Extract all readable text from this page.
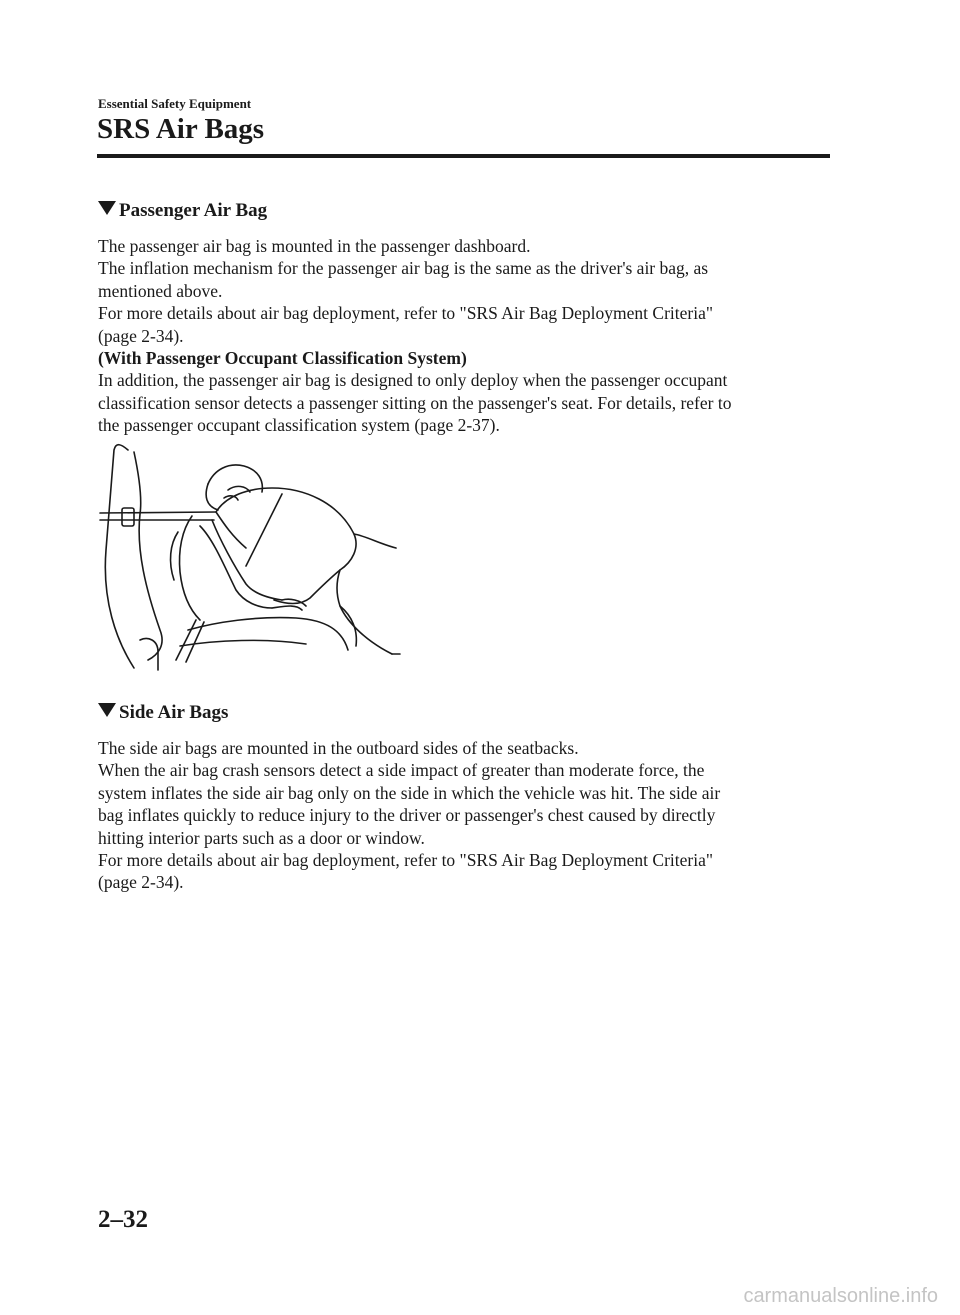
Essential Safety Equipment
SRS Air Bags
Passenger Air Bag
The passenger air bag is mounted in the passenger dashboard.
The inflation mechanism for the passenger air bag is the same as the driver's air bag, as
mentioned above.
For more details about air bag deployment, refer to "SRS Air Bag Deployment Criteria"
(page 2-34).
(With Passenger Occupant Classification System)
In addition, the passenger air bag is designed to only deploy when the passenger occupant
classification sensor detects a passenger sitting on the passenger's seat. For details, refer to
the passenger occupant classification system (page 2-37).
Side Air Bags
The side air bags are mounted in the outboard sides of the seatbacks.
When the air bag crash sensors detect a side impact of greater than moderate force, the
system inflates the side air bag only on the side in which the vehicle was hit. The side air
bag inflates quickly to reduce injury to the driver or passenger's chest caused by directly
hitting interior parts such as a door or window.
For more details about air bag deployment, refer to "SRS Air Bag Deployment Criteria"
(page 2-34).
2–32
carmanualsonline.info
